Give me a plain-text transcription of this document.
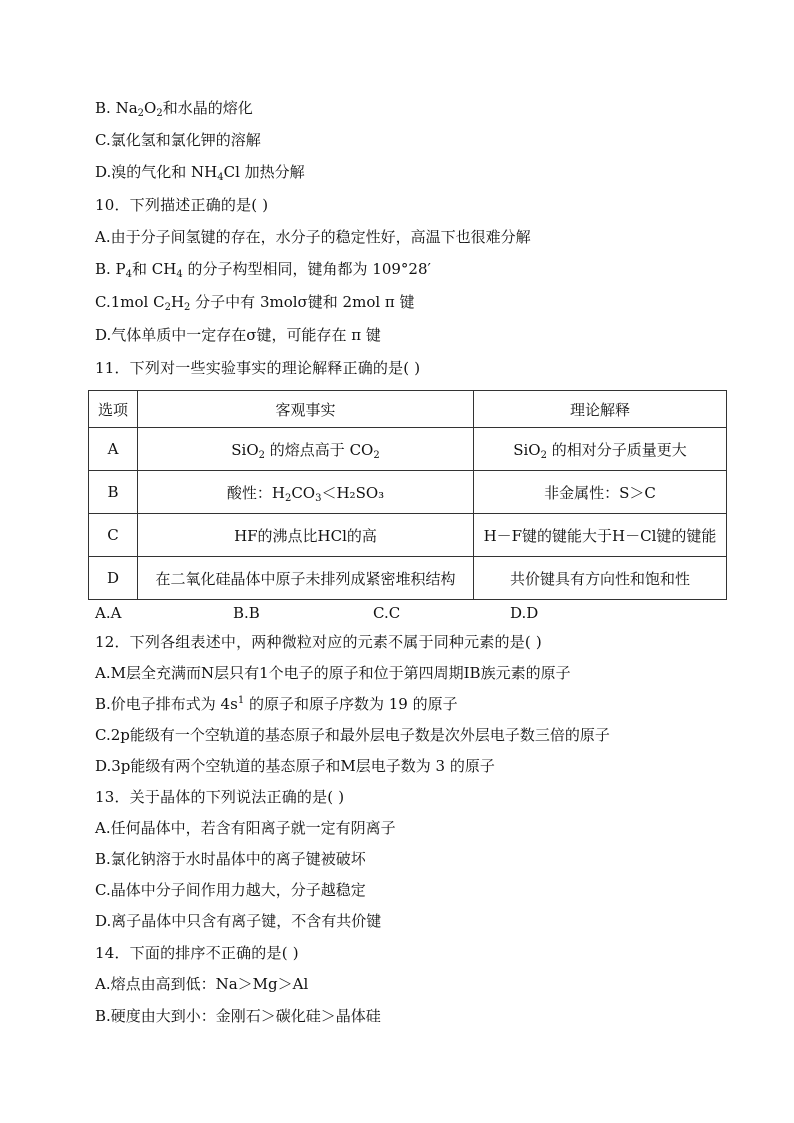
B. $Na_2O_2$和水晶的熔化
C.氯化氢和氯化钾的溶解
D.溴的气化和 $NH_4Cl$ 加热分解
10．下列描述正确的是( )
A.由于分子间氢键的存在，水分子的稳定性好，高温下也很难分解
B. $P_4$和 $CH_4$ 的分子构型相同，键角都为 109°28′
C.1mol $C_2H_2$ 分子中有 3molσ键和 2mol π 键
D.气体单质中一定存在σ键，可能存在 π 键
11．下列对一些实验事实的理论解释正确的是( )
选项	客观事实	理论解释
A	SiO$_2$ 的熔点高于 $CO_2$	SiO$_2$ 的相对分子质量更大
B	酸性：$H_2CO_3<H_2SO_3$	非金属性：S＞C
C	HF的沸点比HCl的高	H－F键的键能大于H－Cl键的键能
D	在二氧化硅晶体中原子未排列成紧密堆积结构	共价键具有方向性和饱和性
A.A	B.B	C.C	D.D
12．下列各组表述中，两种微粒对应的元素不属于同种元素的是( )
A.M层全充满而N层只有1个电子的原子和位于第四周期ⅠB族元素的原子
B.价电子排布式为 $4s^1$ 的原子和原子序数为 19 的原子
C.2p能级有一个空轨道的基态原子和最外层电子数是次外层电子数三倍的原子
D.3p能级有两个空轨道的基态原子和M层电子数为 3 的原子
13．关于晶体的下列说法正确的是( )
A.任何晶体中，若含有阳离子就一定有阴离子
B.氯化钠溶于水时晶体中的离子键被破坏
C.晶体中分子间作用力越大，分子越稳定
D.离子晶体中只含有离子键，不含有共价键
14．下面的排序不正确的是( )
A.熔点由高到低：Na＞Mg＞Al
B.硬度由大到小：金刚石＞碳化硅＞晶体硅
